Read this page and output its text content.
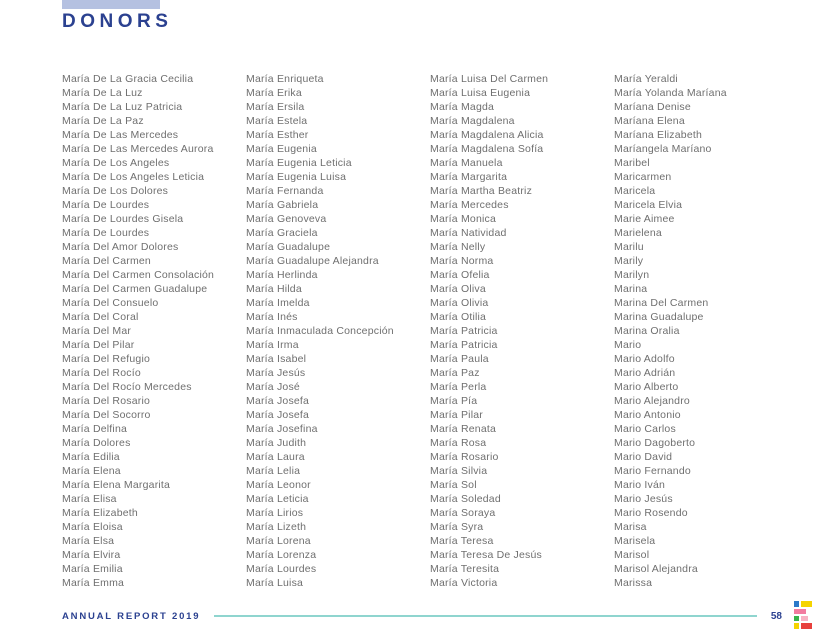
DONORS
María De La Gracia Cecilia
María De La Luz
María De La Luz Patricia
María De La Paz
María De Las Mercedes
María De Las Mercedes Aurora
María De Los Angeles
María De Los Angeles Leticia
María De Los Dolores
María De Lourdes
María De Lourdes Gisela
María De Lourdes
María Del Amor Dolores
María Del Carmen
María Del Carmen Consolación
María Del Carmen Guadalupe
María Del Consuelo
María Del Coral
María Del Mar
María Del Pilar
María Del Refugio
María Del Rocío
María Del Rocío Mercedes
María Del Rosario
María Del Socorro
María Delfina
María Dolores
María Edilia
María Elena
María Elena Margarita
María Elisa
María Elizabeth
María Eloisa
María Elsa
María Elvira
María Emilia
María Emma
María Enriqueta
María Erika
María Ersila
María Estela
María Esther
María Eugenia
María Eugenia Leticia
María Eugenia Luisa
María Fernanda
María Gabriela
María Genoveva
María Graciela
María Guadalupe
María Guadalupe Alejandra
María Herlinda
María Hilda
María Imelda
María Inés
María Inmaculada Concepción
María Irma
María Isabel
María Jesús
María José
María Josefa
María Josefa
María Josefina
María Judith
María Laura
María Lelia
María Leonor
María Leticia
María Lirios
María Lizeth
María Lorena
María Lorenza
María Lourdes
María Luisa
María Luisa Del Carmen
María Luisa Eugenia
María Magda
María Magdalena
María Magdalena Alicia
María Magdalena Sofía
María Manuela
María Margarita
María Martha Beatriz
María Mercedes
María Monica
María Natividad
María Nelly
María Norma
María Ofelia
María Oliva
María Olivia
María Otilia
María Patricia
María Patricia
María Paula
María Paz
María Perla
María Pía
María Pilar
María Renata
María Rosa
María Rosario
María Silvia
María Sol
María Soledad
María Soraya
María Syra
María Teresa
María Teresa De Jesús
María Teresita
María Victoria
María Yeraldi
María Yolanda Maríana
Maríana Denise
Maríana Elena
Maríana Elizabeth
Maríangela Maríano
Maribel
Maricarmen
Maricela
Maricela Elvia
Marie Aimee
Marielena
Marilu
Marily
Marilyn
Marina
Marina Del Carmen
Marina Guadalupe
Marina Oralia
Mario
Mario Adolfo
Mario Adrián
Mario Alberto
Mario Alejandro
Mario Antonio
Mario Carlos
Mario Dagoberto
Mario David
Mario Fernando
Mario Iván
Mario Jesús
Mario Rosendo
Marisa
Marisela
Marisol
Marisol Alejandra
Marissa
ANNUAL REPORT 2019	58
